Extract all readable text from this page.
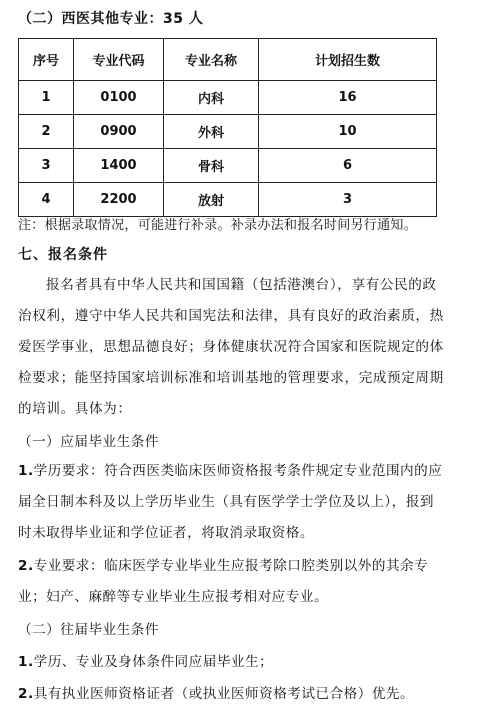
（二）西医其他专业：35 人
序号	专业代码	专业名称	计划招生数
1	0100	内科	16
2	0900	外科	10
3	1400	骨科	6
4	2200	放射	3
注：根据录取情况，可能进行补录。补录办法和报名时间另行通知。
七、报名条件
报名者具有中华人民共和国国籍（包括港澳台），享有公民的政治权利，遵守中华人民共和国宪法和法律，具有良好的政治素质，热爱医学事业，思想品德良好；身体健康状况符合国家和医院规定的体检要求；能坚持国家培训标准和培训基地的管理要求，完成预定周期的培训。具体为：
（一）应届毕业生条件
1.学历要求：符合西医类临床医师资格报考条件规定专业范围内的应届全日制本科及以上学历毕业生（具有医学学士学位及以上），报到时未取得毕业证和学位证者，将取消录取资格。
2.专业要求：临床医学专业毕业生应报考除口腔类别以外的其余专业；妇产、麻醉等专业毕业生应报考相对应专业。
（二）往届毕业生条件
1.学历、专业及身体条件同应届毕业生；
2.具有执业医师资格证者（或执业医师资格考试已合格）优先。
